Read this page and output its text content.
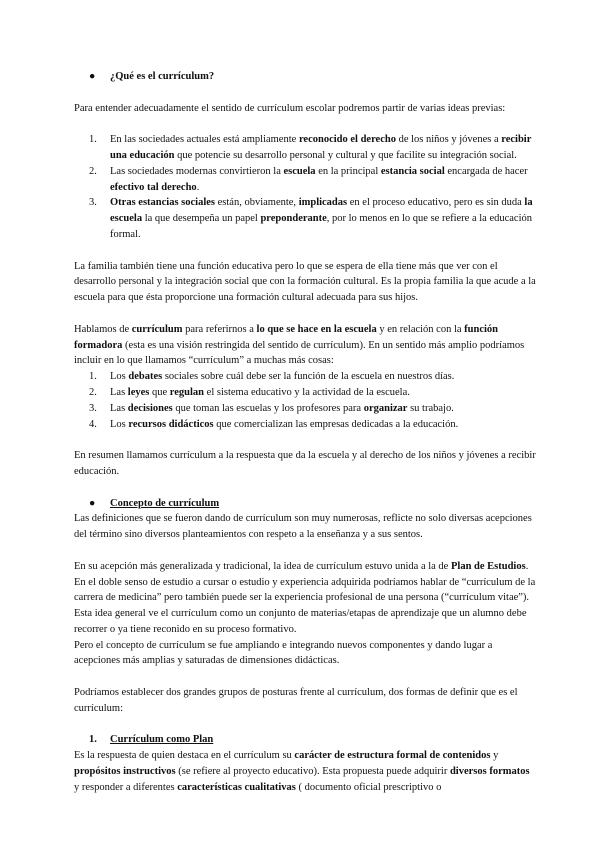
● ¿Qué es el currículum?

Para entender adecuadamente el sentido de currículum escolar podremos partir de varias ideas previas:

1. En las sociedades actuales está ampliamente reconocido el derecho de los niños y jóvenes a recibir una educación que potencie su desarrollo personal y cultural y que facilite su integración social.
2. Las sociedades modernas convirtieron la escuela en la principal estancia social encargada de hacer efectivo tal derecho.
3. Otras estancias sociales están, obviamente, implicadas en el proceso educativo, pero es sin duda la escuela la que desempeña un papel preponderante, por lo menos en lo que se refiere a la educación formal.

La familia también tiene una función educativa pero lo que se espera de ella tiene más que ver con el desarrollo personal y la integración social que con la formación cultural. Es la propia familia la que acude a la escuela para que ésta proporcione una formación cultural adecuada para sus hijos.

Hablamos de currículum para referirnos a lo que se hace en la escuela y en relación con la función formadora (esta es una visión restringida del sentido de currículum). En un sentido más amplio podríamos incluir en lo que llamamos “currículum” a muchas más cosas:

1. Los debates sociales sobre cuál debe ser la función de la escuela en nuestros días.
2. Las leyes que regulan el sistema educativo y la actividad de la escuela.
3. Las decisiones que toman las escuelas y los profesores para organizar su trabajo.
4. Los recursos didácticos que comercializan las empresas dedicadas a la educación.

En resumen llamamos currículum a la respuesta que da la escuela y al derecho de los niños y jóvenes a recibir educación.

● Concepto de currículum

Las definiciones que se fueron dando de currículum son muy numerosas, reflicte no solo diversas acepciones del término sino diversos planteamientos con respeto a la enseñanza y a sus sentos.

En su acepción más generalizada y tradicional, la idea de currículum estuvo unida a la de Plan de Estudios. En el doble senso de estudio a cursar o estudio y experiencia adquirida podríamos hablar de “currículum de la carrera de medicina” pero también puede ser la experiencia profesional de una persona (“currículum vitae”). Esta idea general ve el currículum como un conjunto de materias/etapas de aprendizaje que un alumno debe recorrer o ya tiene reconido en su proceso formativo.

Pero el concepto de currículum se fue ampliando e integrando nuevos componentes y dando lugar a acepciones más amplias y saturadas de dimensiones didácticas.

Podríamos establecer dos grandes grupos de posturas frente al currículum, dos formas de definir que es el currículum:

1. Currículum como Plan

Es la respuesta de quien destaca en el currículum su carácter de estructura formal de contenidos y propósitos instructivos (se refiere al proyecto educativo). Esta propuesta puede adquirir diversos formatos y responder a diferentes características cualitativas ( documento oficial prescriptivo o
